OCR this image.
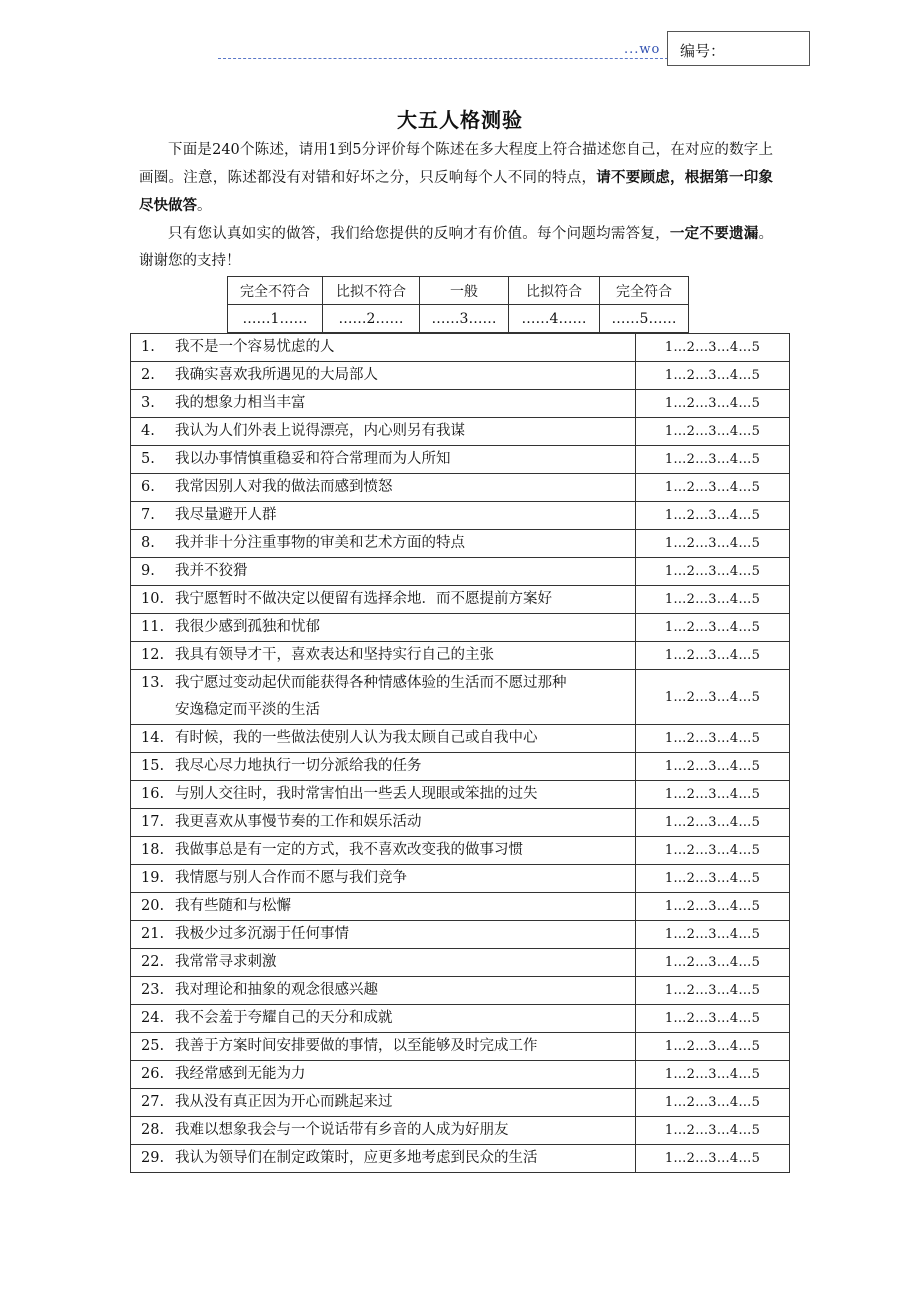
...wo	编号：
大五人格测验

下面是240个陈述，请用1到5分评价每个陈述在多大程度上符合描述您自己，在对应的数字上画圈。注意，陈述都没有对错和好坏之分，只反响每个人不同的特点，请不要顾虑，根据第一印象尽快做答。

只有您认真如实的做答，我们给您提供的反响才有价值。每个问题均需答复，一定不要遗漏。谢谢您的支持！

完全不符合	比拟不符合	一般	比拟符合	完全符合
……1……	……2……	……3……	……4……	……5……
1. 我不是一个容易忧虑的人	1…2…3…4…5
2. 我确实喜欢我所遇见的大局部人	1…2…3…4…5
3. 我的想象力相当丰富	1…2…3…4…5
4. 我认为人们外表上说得漂亮，内心则另有我谋	1…2…3…4…5
5. 我以办事情慎重稳妥和符合常理而为人所知	1…2…3…4…5
6. 我常因别人对我的做法而感到愤怒	1…2…3…4…5
7. 我尽量避开人群	1…2…3…4…5
8. 我并非十分注重事物的审美和艺术方面的特点	1…2…3…4…5
9. 我并不狡猾	1…2…3…4…5
10. 我宁愿暂时不做决定以便留有选择余地．而不愿提前方案好	1…2…3…4…5
11. 我很少感到孤独和忧郁	1…2…3…4…5
12. 我具有领导才干，喜欢表达和坚持实行自己的主张	1…2…3…4…5
13. 我宁愿过变动起伏而能获得各种情感体验的生活而不愿过那种
安逸稳定而平淡的生活	1…2…3…4…5
14. 有时候，我的一些做法使别人认为我太顾自己或自我中心	1…2…3…4…5
15. 我尽心尽力地执行一切分派给我的任务	1…2…3…4…5
16. 与别人交往时，我时常害怕出一些丢人现眼或笨拙的过失	1…2…3…4…5
17. 我更喜欢从事慢节奏的工作和娱乐活动	1…2…3…4…5
18. 我做事总是有一定的方式，我不喜欢改变我的做事习惯	1…2…3…4…5
19. 我情愿与别人合作而不愿与我们竞争	1…2…3…4…5
20. 我有些随和与松懈	1…2…3…4…5
21. 我极少过多沉溺于任何事情	1…2…3…4…5
22. 我常常寻求刺激	1…2…3…4…5
23. 我对理论和抽象的观念很感兴趣	1…2…3…4…5
24. 我不会羞于夸耀自己的天分和成就	1…2…3…4…5
25. 我善于方案时间安排要做的事情，以至能够及时完成工作	1…2…3…4…5
26. 我经常感到无能为力	1…2…3…4…5
27. 我从没有真正因为开心而跳起来过	1…2…3…4…5
28. 我难以想象我会与一个说话带有乡音的人成为好朋友	1…2…3…4…5
29. 我认为领导们在制定政策时，应更多地考虑到民众的生活	1…2…3…4…5
